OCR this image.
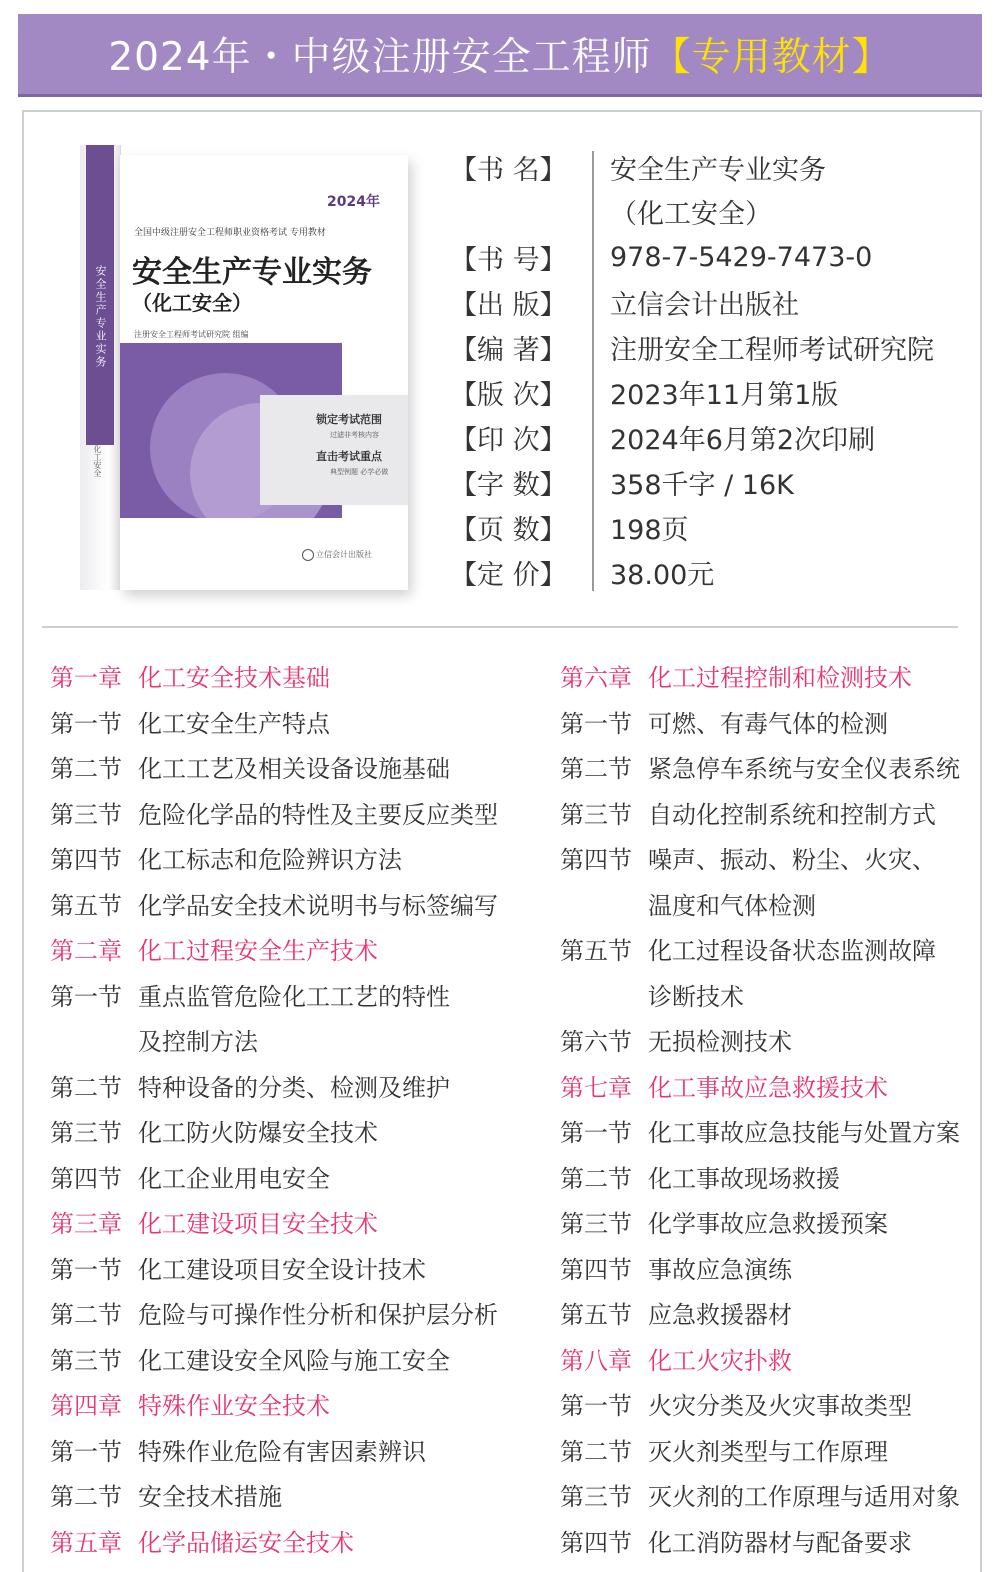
2024年・中级注册安全工程师 【专用教材】
安全生产专业实务
化工安全
2024年
全国中级注册安全工程师职业资格考试 专用教材
安全生产专业实务
（化工安全）
注册安全工程师考试研究院 组编
锁定考试范围
过滤非考核内容
直击考试重点
典型例题 必学必做
立信会计出版社
【书 名】	安全生产专业实务
（化工安全）
【书 号】	978-7-5429-7473-0
【出 版】	立信会计出版社
【编 著】	注册安全工程师考试研究院
【版 次】	2023年11月第1版
【印 次】	2024年6月第2次印刷
【字 数】	358千字 / 16K
【页 数】	198页
【定 价】	38.00元
第一章 化工安全技术基础
第一节 化工安全生产特点
第二节 化工工艺及相关设备设施基础
第三节 危险化学品的特性及主要反应类型
第四节 化工标志和危险辨识方法
第五节 化学品安全技术说明书与标签编写
第二章 化工过程安全生产技术
第一节 重点监管危险化工工艺的特性
及控制方法
第二节 特种设备的分类、检测及维护
第三节 化工防火防爆安全技术
第四节 化工企业用电安全
第三章 化工建设项目安全技术
第一节 化工建设项目安全设计技术
第二节 危险与可操作性分析和保护层分析
第三节 化工建设安全风险与施工安全
第四章 特殊作业安全技术
第一节 特殊作业危险有害因素辨识
第二节 安全技术措施
第五章 化学品储运安全技术
第六章 化工过程控制和检测技术
第一节 可燃、有毒气体的检测
第二节 紧急停车系统与安全仪表系统
第三节 自动化控制系统和控制方式
第四节 噪声、振动、粉尘、火灾、
温度和气体检测
第五节 化工过程设备状态监测故障
诊断技术
第六节 无损检测技术
第七章 化工事故应急救援技术
第一节 化工事故应急技能与处置方案
第二节 化工事故现场救援
第三节 化学事故应急救援预案
第四节 事故应急演练
第五节 应急救援器材
第八章 化工火灾扑救
第一节 火灾分类及火灾事故类型
第二节 灭火剂类型与工作原理
第三节 灭火剂的工作原理与适用对象
第四节 化工消防器材与配备要求
